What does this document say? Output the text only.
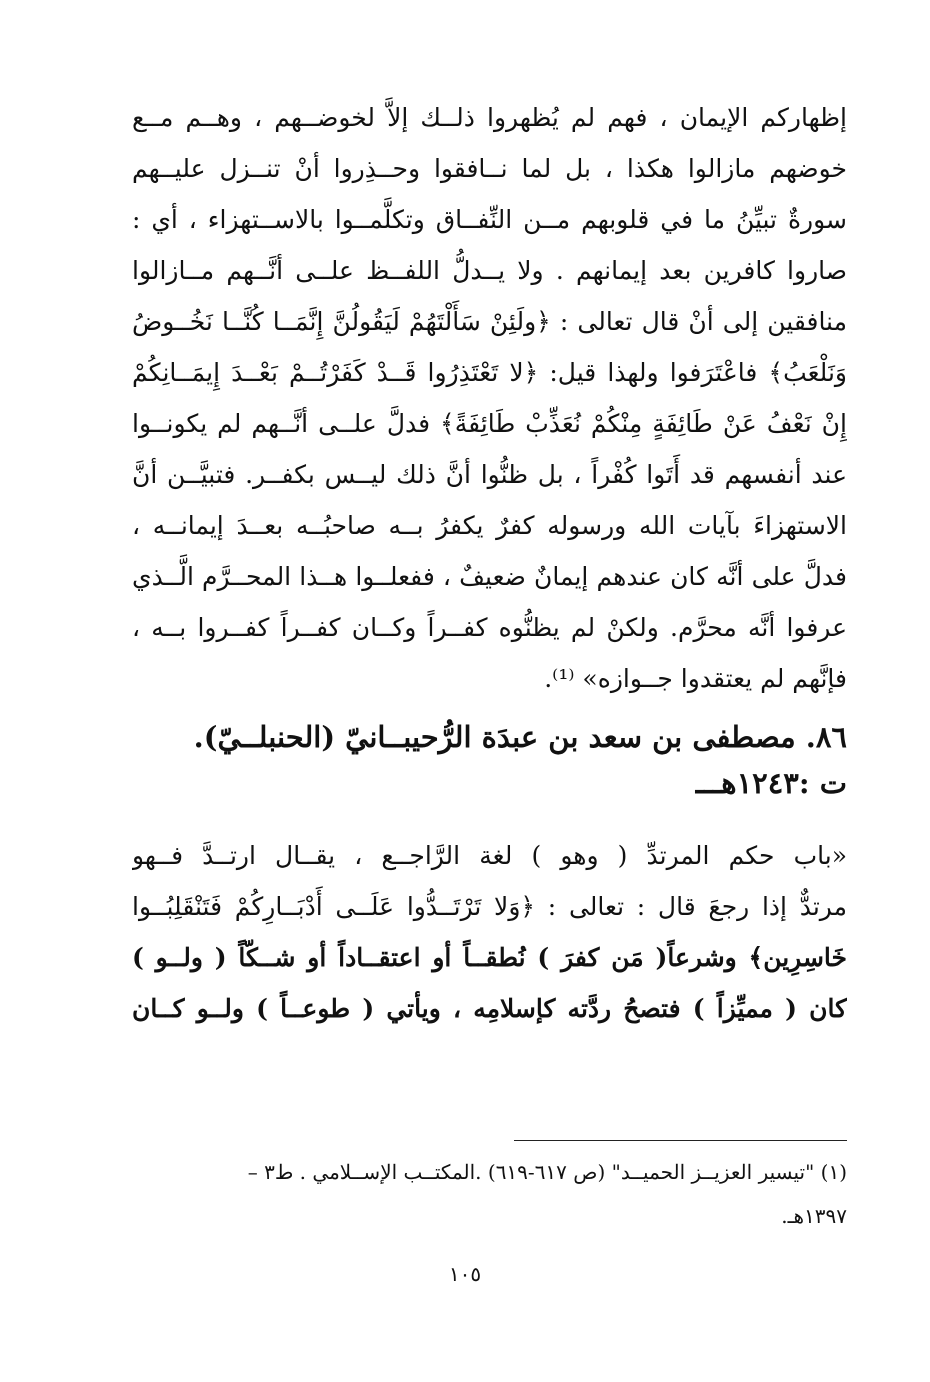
إظهاركم الإيمان ، فهم لم يُظهروا ذلــك إلاَّ لخوضــهم ، وهــم مــع
خوضهم مازالوا هكذا ، بل لما نــافقوا وحــذِروا أنْ تنــزل عليــهم
سورةٌ تبيِّنُ ما في قلوبهم مــن النِّفــاق وتكلَّمــوا بالاســتهزاء ، أي :
صاروا كافرين بعد إيمانهم . ولا يــدلُّ اللفــظ علــى أنَّــهم مــازالوا
منافقين إلى أنْ قال تعالى : ﴿ولَئِنْ سَأَلْتَهُمْ لَيَقُولُنَّ إِنَّمَــا كُنَّــا نَخُــوضُ
وَنَلْعَبُ﴾ فاعْتَرَفوا ولهذا قيل: ﴿لا تَعْتَذِرُوا قَــدْ كَفَرْتُــمْ بَعْــدَ إِيمَــانِكُمْ
إِنْ نَعْفُ عَنْ طَائِفَةٍ مِنْكُمْ نُعَذِّبْ طَائِفَةً﴾ فدلَّ علــى أنَّــهم لم يكونــوا
عند أنفسهم قد أَتَوا كُفْراً ، بل ظنُّوا أنَّ ذلك ليــس بكفــر. فتبيَّــن أنَّ
الاستهزاءَ بآيات الله ورسوله كفرٌ يكفرُ بــه صاحبُــه بعــدَ إيمانــه ،
فدلَّ على أنَّه كان عندهم إيمانٌ ضعيفٌ ، ففعلــوا هــذا المحــرَّم الَّــذي
عرفوا أنَّه محرَّم. ولكنْ لم يظنُّوه كفــراً وكــان كفــراً كفــروا بــه ،
فإنَّهم لم يعتقدوا جــوازه» ⁽¹⁾.
٨٦. مصطفى بن سعد بن عبدَة الرُّحيبــانيّ (الحنبلــيّ).
ت :١٢٤٣هـــ
«باب حكم المرتدِّ ( وهو ) لغة الرَّاجــع ، يقــال ارتــدَّ فــهو
مرتدٌّ إذا رجعَ قال : تعالى : ﴿وَلا تَرْتَــدُّوا عَلَــى أَدْبَــارِكُمْ فَتَنْقَلِبُــوا
خَاسِرِين﴾ وشرعاً( مَن كفرَ ) نُطقــاً أو اعتقــاداً أو شــكّاً ( ولــو )
كان ( مميِّزاً ) فتصحُ ردَّته كإسلامِه ، ويأتي ( طوعــاً ) ولــو كــان
(١) "تيسير العزيــز الحميــد" (ص ٦١٧-٦١٩) .المكتــب الإســلامي . ط٣ –
١٣٩٧هـ.
١٠٥
